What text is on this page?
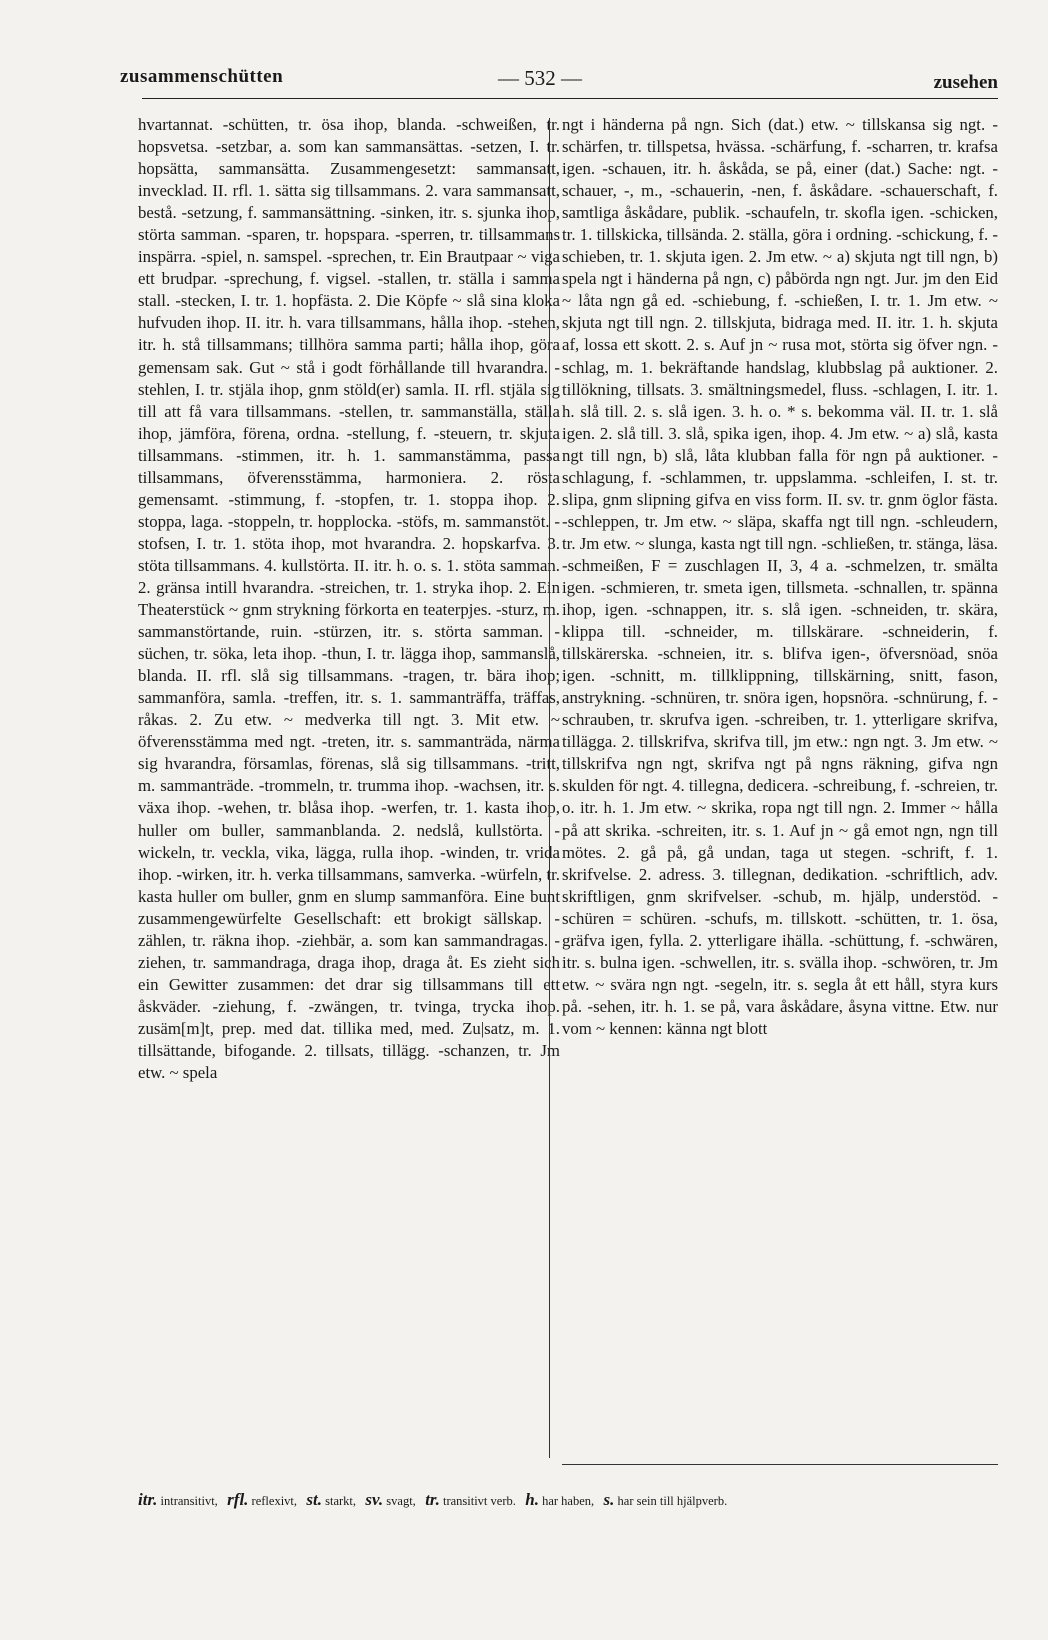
zusammenschütten	— 532 —	zusehen

hvartannat. -schütten, tr. ösa ihop, blanda. -schweißen, tr. hopsvetsa. -setzbar, a. som kan sammansättas. -setzen, I. tr. hopsätta, sammansätta. Zusammengesetzt: sammansatt, invecklad. II. rfl. 1. sätta sig tillsammans. 2. vara sammansatt, bestå. -setzung, f. sammansättning. -sinken, itr. s. sjunka ihop, störta samman. -sparen, tr. hopspara. -sperren, tr. tillsammans inspärra. -spiel, n. samspel. -sprechen, tr. Ein Brautpaar ~ viga ett brudpar. -sprechung, f. vigsel. -stallen, tr. ställa i samma stall. -stecken, I. tr. 1. hopfästa. 2. Die Köpfe ~ slå sina kloka hufvuden ihop. II. itr. h. vara tillsammans, hålla ihop. -stehen, itr. h. stå tillsammans; tillhöra samma parti; hålla ihop, göra gemensam sak. Gut ~ stå i godt förhållande till hvarandra. -stehlen, I. tr. stjäla ihop, gnm stöld(er) samla. II. rfl. stjäla sig till att få vara tillsammans. -stellen, tr. sammanställa, ställa ihop, jämföra, förena, ordna. -stellung, f. -steuern, tr. skjuta tillsammans. -stimmen, itr. h. 1. sammanstämma, passa tillsammans, öfverensstämma, harmoniera. 2. rösta gemensamt. -stimmung, f. -stopfen, tr. 1. stoppa ihop. 2. stoppa, laga. -stoppeln, tr. hopplocka. -stöfs, m. sammanstöt. -stofsen, I. tr. 1. stöta ihop, mot hvarandra. 2. hopskarfva. 3. stöta tillsammans. 4. kullstörta. II. itr. h. o. s. 1. stöta samman. 2. gränsa intill hvarandra. -streichen, tr. 1. stryka ihop. 2. Ein Theaterstück ~ gnm strykning förkorta en teaterpjes. -sturz, m. sammanstörtande, ruin. -stürzen, itr. s. störta samman. -süchen, tr. söka, leta ihop. -thun, I. tr. lägga ihop, sammanslå, blanda. II. rfl. slå sig tillsammans. -tragen, tr. bära ihop; sammanföra, samla. -treffen, itr. s. 1. sammanträffa, träffas, råkas. 2. Zu etw. ~ medverka till ngt. 3. Mit etw. ~ öfverensstämma med ngt. -treten, itr. s. sammanträda, närma sig hvarandra, församlas, förenas, slå sig tillsammans. -tritt, m. sammanträde. -trommeln, tr. trumma ihop. -wachsen, itr. s. växa ihop. -wehen, tr. blåsa ihop. -werfen, tr. 1. kasta ihop, huller om buller, sammanblanda. 2. nedslå, kullstörta. -wickeln, tr. veckla, vika, lägga, rulla ihop. -winden, tr. vrida ihop. -wirken, itr. h. verka tillsammans, samverka. -würfeln, tr. kasta huller om buller, gnm en slump sammanföra. Eine bunt zusammengewürfelte Gesellschaft: ett brokigt sällskap. -zählen, tr. räkna ihop. -ziehbär, a. som kan sammandragas. -ziehen, tr. sammandraga, draga ihop, draga åt. Es zieht sich ein Gewitter zusammen: det drar sig tillsammans till ett åskväder. -ziehung, f. -zwängen, tr. tvinga, trycka ihop. zusäm[m]t, prep. med dat. tillika med, med. Zu|satz, m. 1. tillsättande, bifogande. 2. tillsats, tillägg. -schanzen, tr. Jm etw. ~ spela

ngt i händerna på ngn. Sich (dat.) etw. ~ tillskansa sig ngt. -schärfen, tr. tillspetsa, hvässa. -schärfung, f. -scharren, tr. krafsa igen. -schauen, itr. h. åskåda, se på, einer (dat.) Sache: ngt. -schauer, -, m., -schauerin, -nen, f. åskådare. -schauerschaft, f. samtliga åskådare, publik. -schaufeln, tr. skofla igen. -schicken, tr. 1. tillskicka, tillsända. 2. ställa, göra i ordning. -schickung, f. -schieben, tr. 1. skjuta igen. 2. Jm etw. ~ a) skjuta ngt till ngn, b) spela ngt i händerna på ngn, c) påbörda ngn ngt. Jur. jm den Eid ~ låta ngn gå ed. -schiebung, f. -schießen, I. tr. 1. Jm etw. ~ skjuta ngt till ngn. 2. tillskjuta, bidraga med. II. itr. 1. h. skjuta af, lossa ett skott. 2. s. Auf jn ~ rusa mot, störta sig öfver ngn. -schlag, m. 1. bekräftande handslag, klubbslag på auktioner. 2. tillökning, tillsats. 3. smältningsmedel, fluss. -schlagen, I. itr. 1. h. slå till. 2. s. slå igen. 3. h. o. * s. bekomma väl. II. tr. 1. slå igen. 2. slå till. 3. slå, spika igen, ihop. 4. Jm etw. ~ a) slå, kasta ngt till ngn, b) slå, låta klubban falla för ngn på auktioner. -schlagung, f. -schlammen, tr. uppslamma. -schleifen, I. st. tr. slipa, gnm slipning gifva en viss form. II. sv. tr. gnm öglor fästa. -schleppen, tr. Jm etw. ~ släpa, skaffa ngt till ngn. -schleudern, tr. Jm etw. ~ slunga, kasta ngt till ngn. -schließen, tr. stänga, läsa. -schmeißen, F = zuschlagen II, 3, 4 a. -schmelzen, tr. smälta igen. -schmieren, tr. smeta igen, tillsmeta. -schnallen, tr. spänna ihop, igen. -schnappen, itr. s. slå igen. -schneiden, tr. skära, klippa till. -schneider, m. tillskärare. -schneiderin, f. tillskärerska. -schneien, itr. s. blifva igen-, öfversnöad, snöa igen. -schnitt, m. tillklippning, tillskärning, snitt, fason, anstrykning. -schnüren, tr. snöra igen, hopsnöra. -schnürung, f. -schrauben, tr. skrufva igen. -schreiben, tr. 1. ytterligare skrifva, tillägga. 2. tillskrifva, skrifva till, jm etw.: ngn ngt. 3. Jm etw. ~ tillskrifva ngn ngt, skrifva ngt på ngns räkning, gifva ngn skulden för ngt. 4. tillegna, dedicera. -schreibung, f. -schreien, tr. o. itr. h. 1. Jm etw. ~ skrika, ropa ngt till ngn. 2. Immer ~ hålla på att skrika. -schreiten, itr. s. 1. Auf jn ~ gå emot ngn, ngn till mötes. 2. gå på, gå undan, taga ut stegen. -schrift, f. 1. skrifvelse. 2. adress. 3. tillegnan, dedikation. -schriftlich, adv. skriftligen, gnm skrifvelser. -schub, m. hjälp, understöd. -schüren = schüren. -schufs, m. tillskott. -schütten, tr. 1. ösa, gräfva igen, fylla. 2. ytterligare ihälla. -schüttung, f. -schwären, itr. s. bulna igen. -schwellen, itr. s. svälla ihop. -schwören, tr. Jm etw. ~ svära ngn ngt. -segeln, itr. s. segla åt ett håll, styra kurs på. -sehen, itr. h. 1. se på, vara åskådare, åsyna vittne. Etw. nur vom ~ kennen: känna ngt blott

itr. intransitivt, rfl. reflexivt, st. starkt, sv. svagt, tr. transitivt verb. h. har haben, s. har sein till hjälpverb.
